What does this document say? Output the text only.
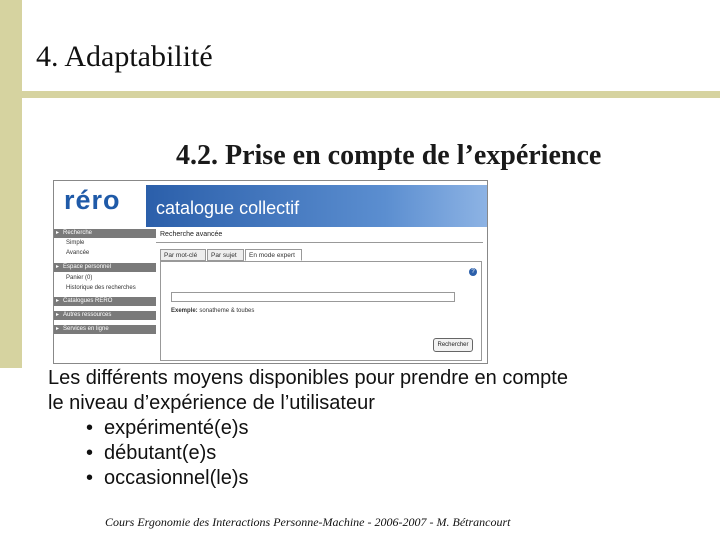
4. Adaptabilité
4.2. Prise en compte de l’expérience
réro catalogue collectif
▸ Recherche
Simple
Avancée
▸ Espace personnel
Panier (0)
Historique des recherches
▸ Catalogues RERO
▸ Autres ressources
▸ Services en ligne
Recherche avancée
Par mot-clé	Par sujet	En mode expert
?
Exemple: sonatheme & toubes
Rechercher
Les différents moyens disponibles pour prendre en compte
le niveau d’expérience de l’utilisateur
• expérimenté(e)s
• débutant(e)s
• occasionnel(le)s
Cours Ergonomie des Interactions Personne-Machine - 2006-2007 - M. Bétrancourt
